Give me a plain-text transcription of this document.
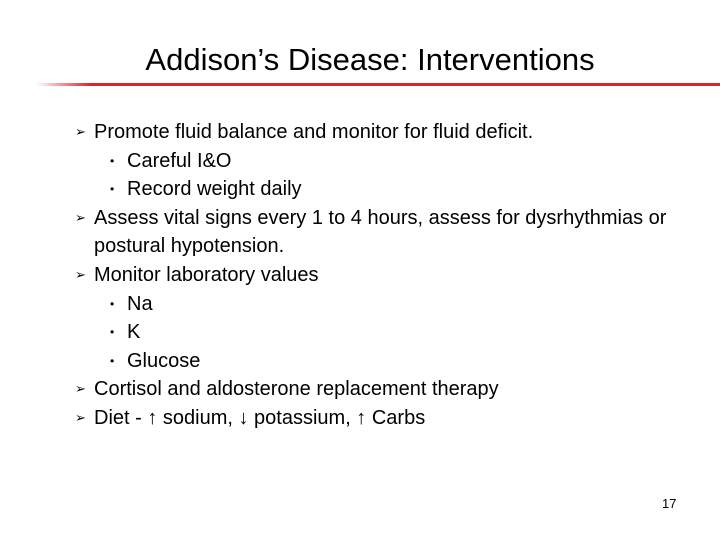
Addison’s Disease: Interventions
➢ Promote fluid balance and monitor for fluid deficit.
• Careful I&O
• Record weight daily
➢ Assess vital signs every 1 to 4 hours, assess for dysrhythmias or postural hypotension.
➢ Monitor laboratory values
• Na
• K
• Glucose
➢ Cortisol and aldosterone replacement therapy
➢ Diet - ↑ sodium, ↓ potassium, ↑ Carbs
17
